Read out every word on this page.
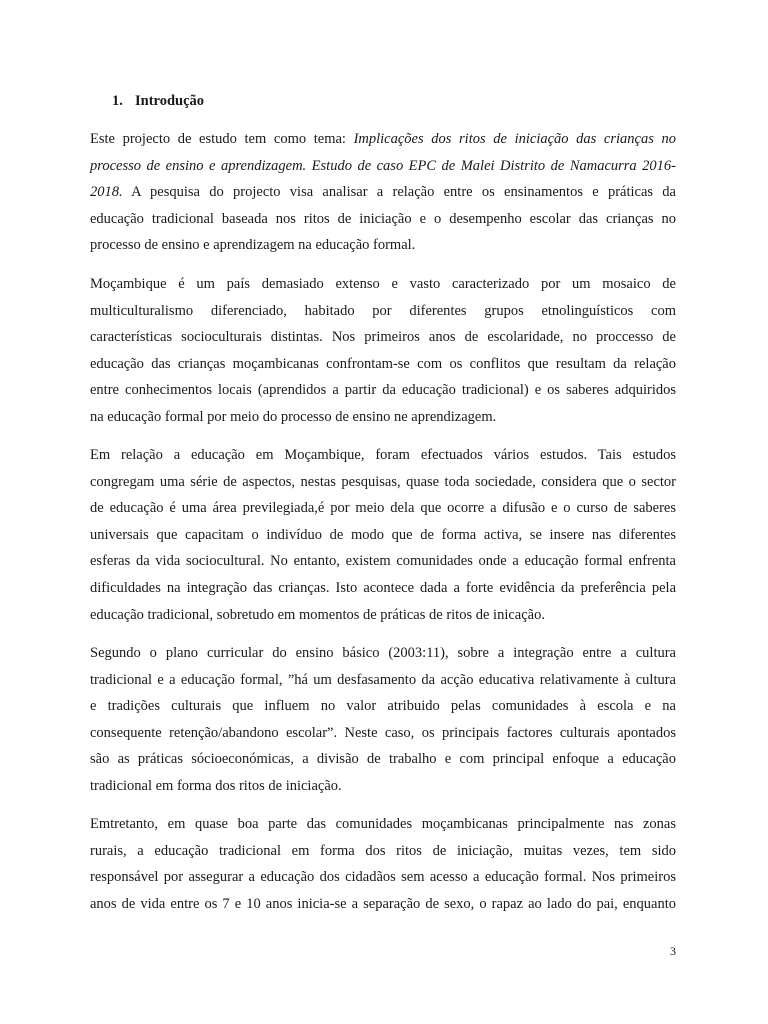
1. Introdução
Este projecto de estudo tem como tema: Implicações dos ritos de iniciação das crianças no
processo de ensino e aprendizagem. Estudo de caso EPC de Malei Distrito de Namacurra 2016-
2018. A pesquisa do projecto visa analisar a relação entre os ensinamentos e práticas da
educação tradicional baseada nos ritos de iniciação e o desempenho escolar das crianças no
processo de ensino e aprendizagem na educação formal.
Moçambique é um país demasiado extenso e vasto caracterizado por um mosaico de
multiculturalismo diferenciado, habitado por diferentes grupos etnolinguísticos com
características socioculturais distintas. Nos primeiros anos de escolaridade, no proccesso de
educação das crianças moçambicanas confrontam-se com os conflitos que resultam da relação
entre conhecimentos locais (aprendidos a partir da educação tradicional) e os saberes adquiridos
na educação formal por meio do processo de ensino ne aprendizagem.
Em relação a educação em Moçambique, foram efectuados vários estudos. Tais estudos
congregam uma série de aspectos, nestas pesquisas, quase toda sociedade, considera que o sector
de educação é uma área previlegiada,é por meio dela que ocorre a difusão e o curso de saberes
universais que capacitam o indivíduo de modo que de forma activa, se insere nas diferentes
esferas da vida sociocultural. No entanto, existem comunidades onde a educação formal enfrenta
dificuldades na integração das crianças. Isto acontece dada a forte evidência da preferência pela
educação tradicional, sobretudo em momentos de práticas de ritos de inicação.
Segundo o plano curricular do ensino básico (2003:11), sobre a integração entre a cultura
tradicional e a educação formal, ”há um desfasamento da acção educativa relativamente à cultura
e tradições culturais que influem no valor atribuido pelas comunidades à escola e na
consequente retenção/abandono escolar”. Neste caso, os principais factores culturais apontados
são as práticas sócioeconómicas, a divisão de trabalho e com principal enfoque a educação
tradicional em forma dos ritos de iniciação.
Emtretanto, em quase boa parte das comunidades moçambicanas principalmente nas zonas
rurais, a educação tradicional em forma dos ritos de iniciação, muitas vezes, tem sido
responsável por assegurar a educação dos cidadãos sem acesso a educação formal. Nos primeiros
anos de vida entre os 7 e 10 anos inicia-se a separação de sexo, o rapaz ao lado do pai, enquanto
3
